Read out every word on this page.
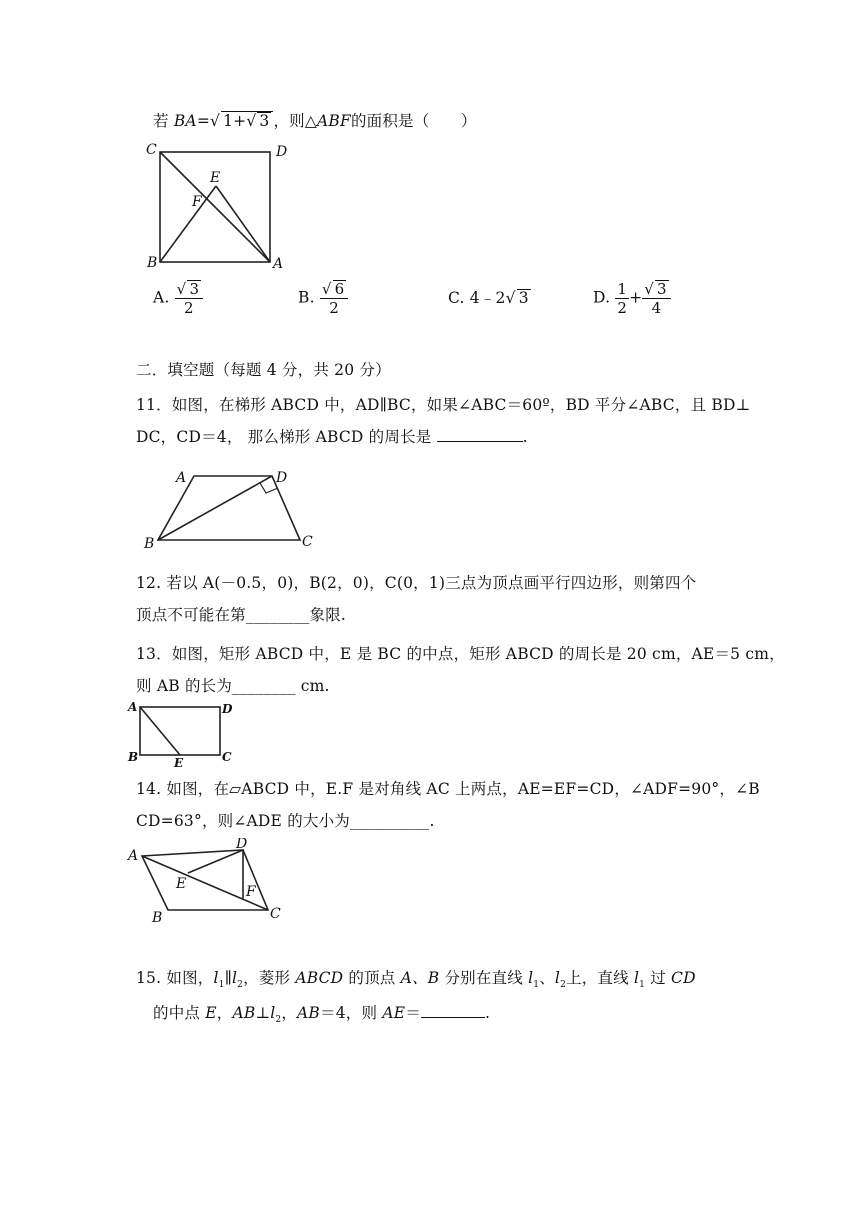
若 BA=√ 1+√ 3 ，则△ABF的面积是（　　）
C	D
E
F
B	A
A. $\frac{√ 3}{2}$	B. $\frac{√ 6}{2}$	C. 4﹣2√ 3	D. $\frac{1}{2} + \frac{√ 3}{4}$
二．填空题（每题 4 分，共 20 分）
11．如图，在梯形 ABCD 中，AD∥BC，如果∠ABC＝60º，BD 平分∠ABC，且 BD⊥
DC，CD＝4， 那么梯形 ABCD 的周长是	.
A	D
B	C
12. 若以 A(－0.5，0)，B(2，0)，C(0，1)三点为顶点画平行四边形，则第四个
顶点不可能在第________象限.
13．如图，矩形 ABCD 中，E 是 BC 的中点，矩形 ABCD 的周长是 20 cm，AE＝5 cm，
则 AB 的长为________ cm.
A	D
B	E	C
14. 如图，在▱ABCD 中，E.F 是对角线 AC 上两点，AE=EF=CD，∠ADF=90°，∠B
CD=63°，则∠ADE 的大小为__________.
A
D
E	F
B	C
15. 如图，$l_1\parallel l_2$，菱形 ABCD 的顶点 A、B 分别在直线 $l_1$、$l_2$上，直线 $l_1$ 过 CD
的中点 E，$AB\perp l_2$，AB＝4，则 AE＝	.
